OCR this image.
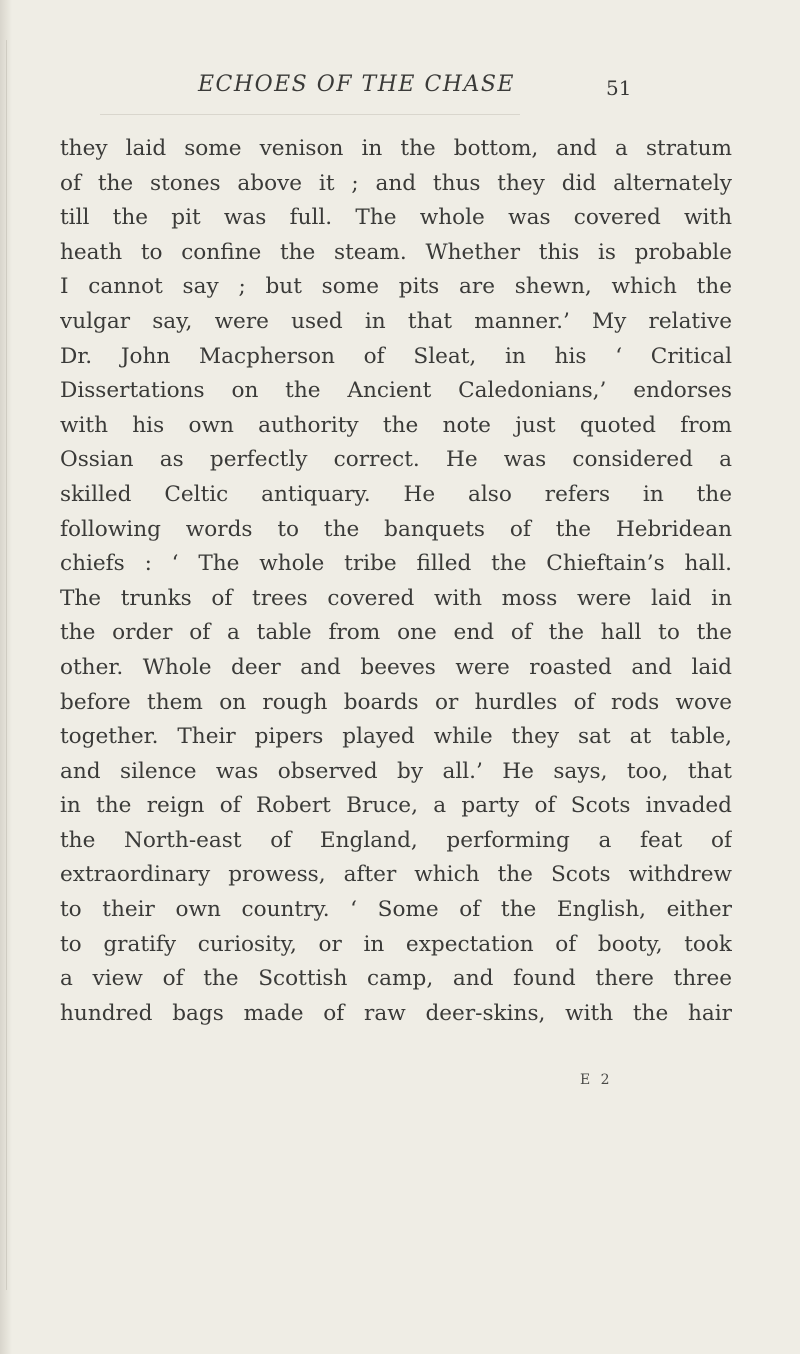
ECHOES OF THE CHASE	51
they laid some venison in the bottom, and a stratum
of the stones above it ; and thus they did alternately
till the pit was full. The whole was covered with
heath to confine the steam. Whether this is probable
I cannot say ; but some pits are shewn, which the
vulgar say, were used in that manner.’ My relative
Dr. John Macpherson of Sleat, in his ‘ Critical
Dissertations on the Ancient Caledonians,’ endorses
with his own authority the note just quoted from
Ossian as perfectly correct. He was considered a
skilled Celtic antiquary. He also refers in the
following words to the banquets of the Hebridean
chiefs : ‘ The whole tribe filled the Chieftain’s hall.
The trunks of trees covered with moss were laid in
the order of a table from one end of the hall to the
other. Whole deer and beeves were roasted and laid
before them on rough boards or hurdles of rods wove
together. Their pipers played while they sat at table,
and silence was observed by all.’ He says, too, that
in the reign of Robert Bruce, a party of Scots invaded
the North-east of England, performing a feat of
extraordinary prowess, after which the Scots withdrew
to their own country. ‘ Some of the English, either
to gratify curiosity, or in expectation of booty, took
a view of the Scottish camp, and found there three
hundred bags made of raw deer-skins, with the hair
E 2
